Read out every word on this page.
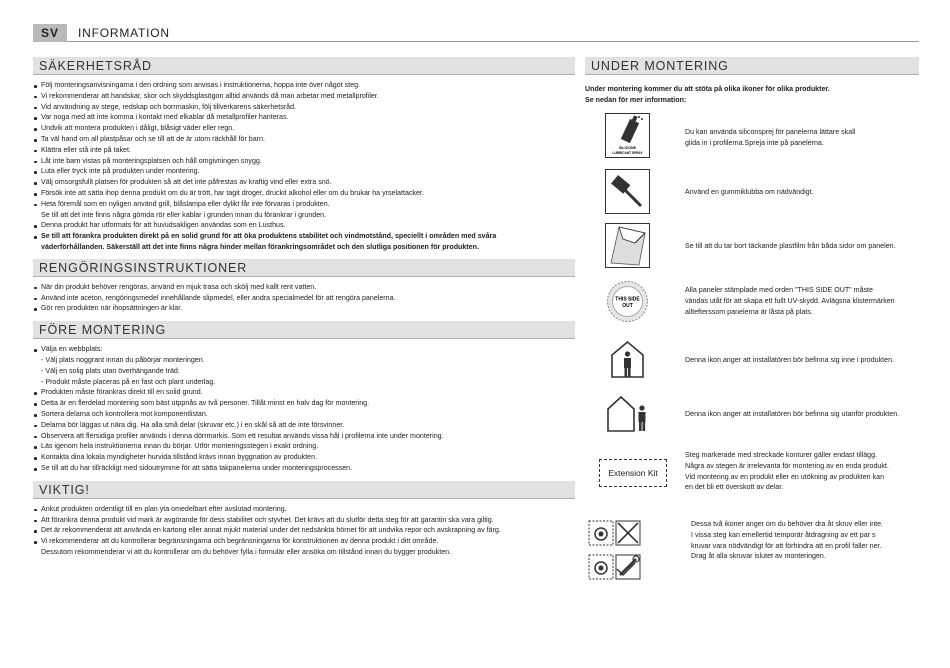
SV	INFORMATION
SÄKERHETSRÅD
Följ monteringsanvisningarna i den ordning som anvisas i instruktionerna, hoppa inte över något steg.
Vi rekommenderar att handskar, skor och skyddsglasögon alltid används då man arbetar med metallprofiler.
Vid användning av stege, redskap och borrmaskin, följ tillverkarens säkerhetsråd.
Var noga med att inte komma i kontakt med elkablar då metallprofiler hanteras.
Undvik att montera produkten i dåligt, blåsigt väder eller regn.
Ta väl hand om all plastpåsar och se till att de är utom räckhåll för barn.
Klättra eller stå inte på taket.
Låt inte barn vistas på monteringsplatsen och håll omgivningen snygg.
Luta eller tryck inte på produkten under montering.
Välj omsorgsfullt platsen för produkten så att det inte påfrestas av kraftig vind eller extra snö.
Försök inte att sätta ihop denna produkt om du är trött, har tagit droger, druckit alkohol eller om du brukar ha yrselattacker.
Heta föremål som en nyligen använd grill, blåslampa eller dylikt får inte förvaras i produkten.
Se till att det inte finns några gömda rör eller kablar i grunden innan du förankrar i grunden.
Denna produkt har utformats för att huvudsakligen användas som en Lusthus.
Se till att förankra produkten direkt på en solid grund för att öka produktens stabilitet och vindmotstånd, speciellt i områden med svåra
väderförhållanden. Säkerställ att det inte finns några hinder mellan förankringsområdet och den slutliga positionen för produkten.
RENGÖRINGSINSTRUKTIONER
När din produkt behöver rengöras, använd en mjuk trasa och skölj med kallt rent vatten.
Använd inte aceton, rengöringsmedel innehållande slipmedel, eller andra specialmedel för att rengöra panelerna.
Gör ren produkten när ihopsättningen är klar.
FÖRE MONTERING
Välja en webbplats:
- Välj plats noggrant innan du påbörjar monteringen.
- Välj en solig plats utan överhängande träd.
- Produkt måste placeras på en fast och plant underlag.
Produkten måste förankras direkt till en solid grund.
Detta är en flerdelad montering som bäst utppnås av två personer. Tillåt minst en halv dag för montering.
Sortera delarna och kontrollera mot komponentlistan.
Delarna bör läggas ut nära dig. Ha alla små delar (skruvar etc.) i en skål så att de inte försvinner.
Observera att flersidiga profiler används i denna dörrmarkis. Som ett resultat används vissa hål i profilerna inte under montering.
Läs igenom hela instruktionerna innan du börjar. Utför monteringsstegen i exakt ordning.
Kontakta dina lokala myndigheter hurvida tillstånd krävs innan byggnation av produkten.
Se till att du har tillräckligt med sidoutrymme för att sätta takpanelerna under monteringsprocessen.
VIKTIG!
Ankut produkten ordentligt till en plan yta omedelbart efter avslutad montering.
Att förankra denna produkt vid mark är avgörande för dess stabilitet och styvhet. Det krävs att du slutför detta steg för att garantin ska vara giltig.
Det är rekommenderat att använda en kartong eller annat mjukt material under det nedsänkta hörnet för att undvika repor och avskrapning av färg.
Vi rekommenderar att du kontrollerar begränsningarna och begränsningarna för konstruktionen av denna produkt i ditt område.
Dessutom rekommenderar vi att du kontrollerar om du behöver fylla i formulär eller ansöka om tillstånd innan du bygger produkten.
UNDER MONTERING
Under montering kommer du att stöta på olika ikoner för olika produkter.
Se nedan för mer information:
SILICONE
LUBRICANT SPRAY
Du kan använda siliconsprej för panelerna lättare skall
glida in i profilerna.Spreja inte på panelerna.
Använd en gummiklubba om nädvändigt.
Se till att du tar bort täckande plastfilm från båda sidor om panelen.
THIS SIDE
OUT
Alla paneler stämplade med orden "THIS SIDE OUT" måste
vändas utåt för att skapa ett fullt UV-skydd. Avlägsna klistermärken
alltefterssom panelerna är låsta på plats.
Denna ikon anger att installatören bör befinna sig inne i produkten.
Denna ikon anger att installatören bör befinna sig utanför produkten.
Extension Kit
Steg markerade med streckade konturer gäller endast tillägg.
Några av stegen är irrelevanta för montering av en enda produkt.
Vid montering av en produkt eller en utökning av produkten kan
en det bli ett överskott av delar.
Dessa två ikoner anger om du behöver dra åt skruv eller inte.
I vissa steg kan emellertid temporär åtdragning av ett par s
kruvar vara nödvändigt för att förhindra att en profil faller ner.
Drag åt alla skruvar islutet av monteringen.
